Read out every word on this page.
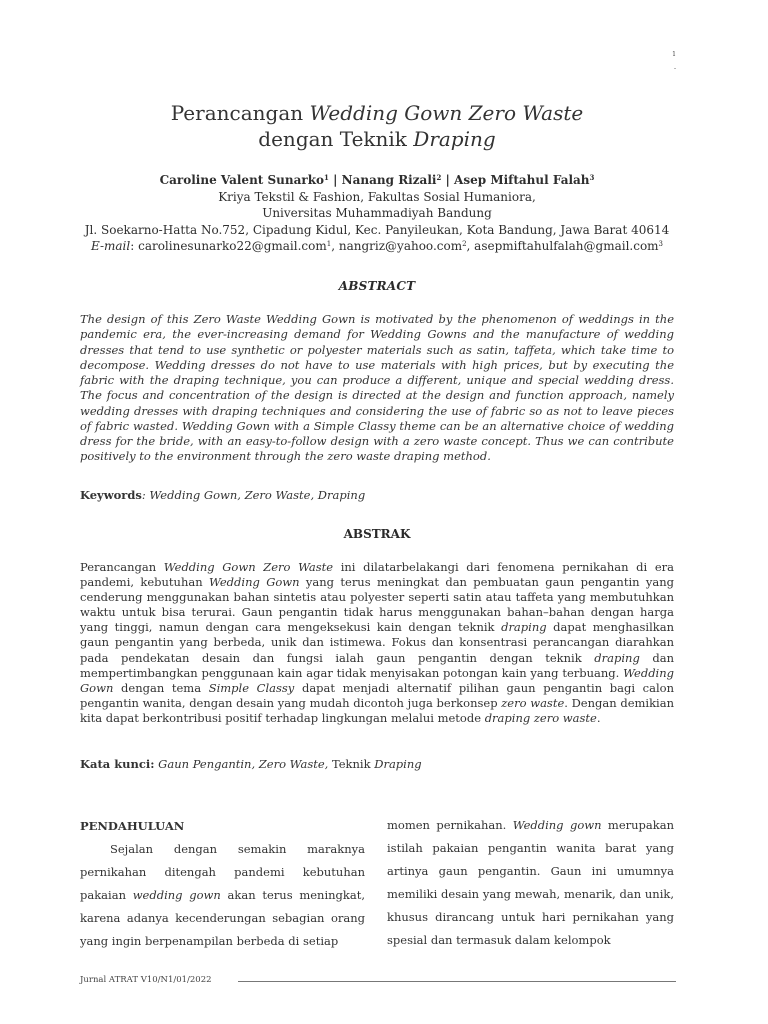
1
-
Perancangan Wedding Gown Zero Waste
dengan Teknik Draping
Caroline Valent Sunarko$^1$ | Nanang Rizali$^2$ | Asep Miftahul Falah$^3$
Kriya Tekstil & Fashion, Fakultas Sosial Humaniora,
Universitas Muhammadiyah Bandung
Jl. Soekarno-Hatta No.752, Cipadung Kidul, Kec. Panyileukan, Kota Bandung, Jawa Barat 40614
E-mail: carolinesunarko22@gmail.com$^1$, nangriz@yahoo.com$^2$, asepmiftahulfalah@gmail.com$^3$
ABSTRACT
The design of this Zero Waste Wedding Gown is motivated by the phenomenon of weddings in the pandemic era, the ever-increasing demand for Wedding Gowns and the manufacture of wedding dresses that tend to use synthetic or polyester materials such as satin, taffeta, which take time to decompose. Wedding dresses do not have to use materials with high prices, but by executing the fabric with the draping technique, you can produce a different, unique and special wedding dress. The focus and concentration of the design is directed at the design and function approach, namely wedding dresses with draping techniques and considering the use of fabric so as not to leave pieces of fabric wasted. Wedding Gown with a Simple Classy theme can be an alternative choice of wedding dress for the bride, with an easy-to-follow design with a zero waste concept. Thus we can contribute positively to the environment through the zero waste draping method.
Keywords: Wedding Gown, Zero Waste, Draping
ABSTRAK
Perancangan Wedding Gown Zero Waste ini dilatarbelakangi dari fenomena pernikahan di era pandemi, kebutuhan Wedding Gown yang terus meningkat dan pembuatan gaun pengantin yang cenderung menggunakan bahan sintetis atau polyester seperti satin atau taffeta yang membutuhkan waktu untuk bisa terurai. Gaun pengantin tidak harus menggunakan bahan–bahan dengan harga yang tinggi, namun dengan cara mengeksekusi kain dengan teknik draping dapat menghasilkan gaun pengantin yang berbeda, unik dan istimewa. Fokus dan konsentrasi perancangan diarahkan pada pendekatan desain dan fungsi ialah gaun pengantin dengan teknik draping dan mempertimbangkan penggunaan kain agar tidak menyisakan potongan kain yang terbuang. Wedding Gown dengan tema Simple Classy dapat menjadi alternatif pilihan gaun pengantin bagi calon pengantin wanita, dengan desain yang mudah dicontoh juga berkonsep zero waste. Dengan demikian kita dapat berkontribusi positif terhadap lingkungan melalui metode draping zero waste.
Kata kunci: Gaun Pengantin, Zero Waste, Teknik Draping
PENDAHULUAN
Sejalan dengan semakin maraknya pernikahan ditengah pandemi kebutuhan pakaian wedding gown akan terus meningkat, karena adanya kecenderungan sebagian orang yang ingin berpenampilan berbeda di setiap
momen pernikahan. Wedding gown merupakan istilah pakaian pengantin wanita barat yang artinya gaun pengantin. Gaun ini umumnya memiliki desain yang mewah, menarik, dan unik, khusus dirancang untuk hari pernikahan yang spesial dan termasuk dalam kelompok
Jurnal ATRAT V10/N1/01/2022
